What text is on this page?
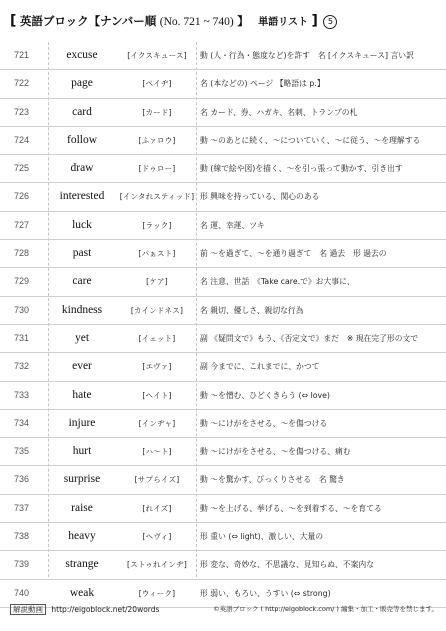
[ 英語ブロック【ナンバー順 (No. 721 ~ 740) 】 単語リスト ] 5
721	excuse	[イクスキュース]	動 (人・行為・態度など)を許す　名 [イクスキュース] 言い訳
722	page	[ペイヂ]	名 (本などの) ページ 【略語は p.】
723	card	[カード]	名 カード、券、ハガキ、名刺、トランプの札
724	follow	[ふァロウ]	動 〜のあとに続く、〜についていく、〜に従う、〜を理解する
725	draw	[ドゥロー]	動 (線で絵や図)を描く、〜を引っ張って動かす、引き出す
726	interested	[インタれスティッド] 形 興味を持っている、関心のある
727	luck	[ラック]	名 運、幸運、ツキ
728	past	[パぁスト]	前 〜を過ぎて、〜を通り過ぎて　名 過去　形 過去の
729	care	[ケア]	名 注意、世話　《Take care.で》お大事に、
730	kindness	[カインドネス]	名 親切、優しさ、親切な行為
731	yet	[イェット]	副 《疑問文で》もう、《否定文で》まだ　※ 現在完了形の文で
732	ever	[エヴァ]	副 今までに、これまでに、かつて
733	hate	[ヘイト]	動 〜を憎む、ひどくきらう (⇔ love)
734	injure	[インヂャ]	動 〜にけがをさせる、〜を傷つける
735	hurt	[ハ〜ト]	動 〜にけがをさせる、〜を傷つける、痛む
736	surprise	[サプらイズ]	動 〜を驚かす、びっくりさせる　名 驚き
737	raise	[れイズ]	動 〜を上げる、挙げる、〜を到着する、〜を育てる
738	heavy	[ヘヴィ]	形 重い (⇔ light)、激しい、大量の
739	strange	[ストゥれインヂ]	形 変な、奇妙な、不思議な、見知らぬ、不案内な
740	weak	[ウィーク]	形 弱い、もろい、うすい (⇔ strong)
解説動画 http://eigoblock.net/20words	©英語ブロック ( http://eigoblock.com/ ) 編集・加工・販売等を禁じます。
